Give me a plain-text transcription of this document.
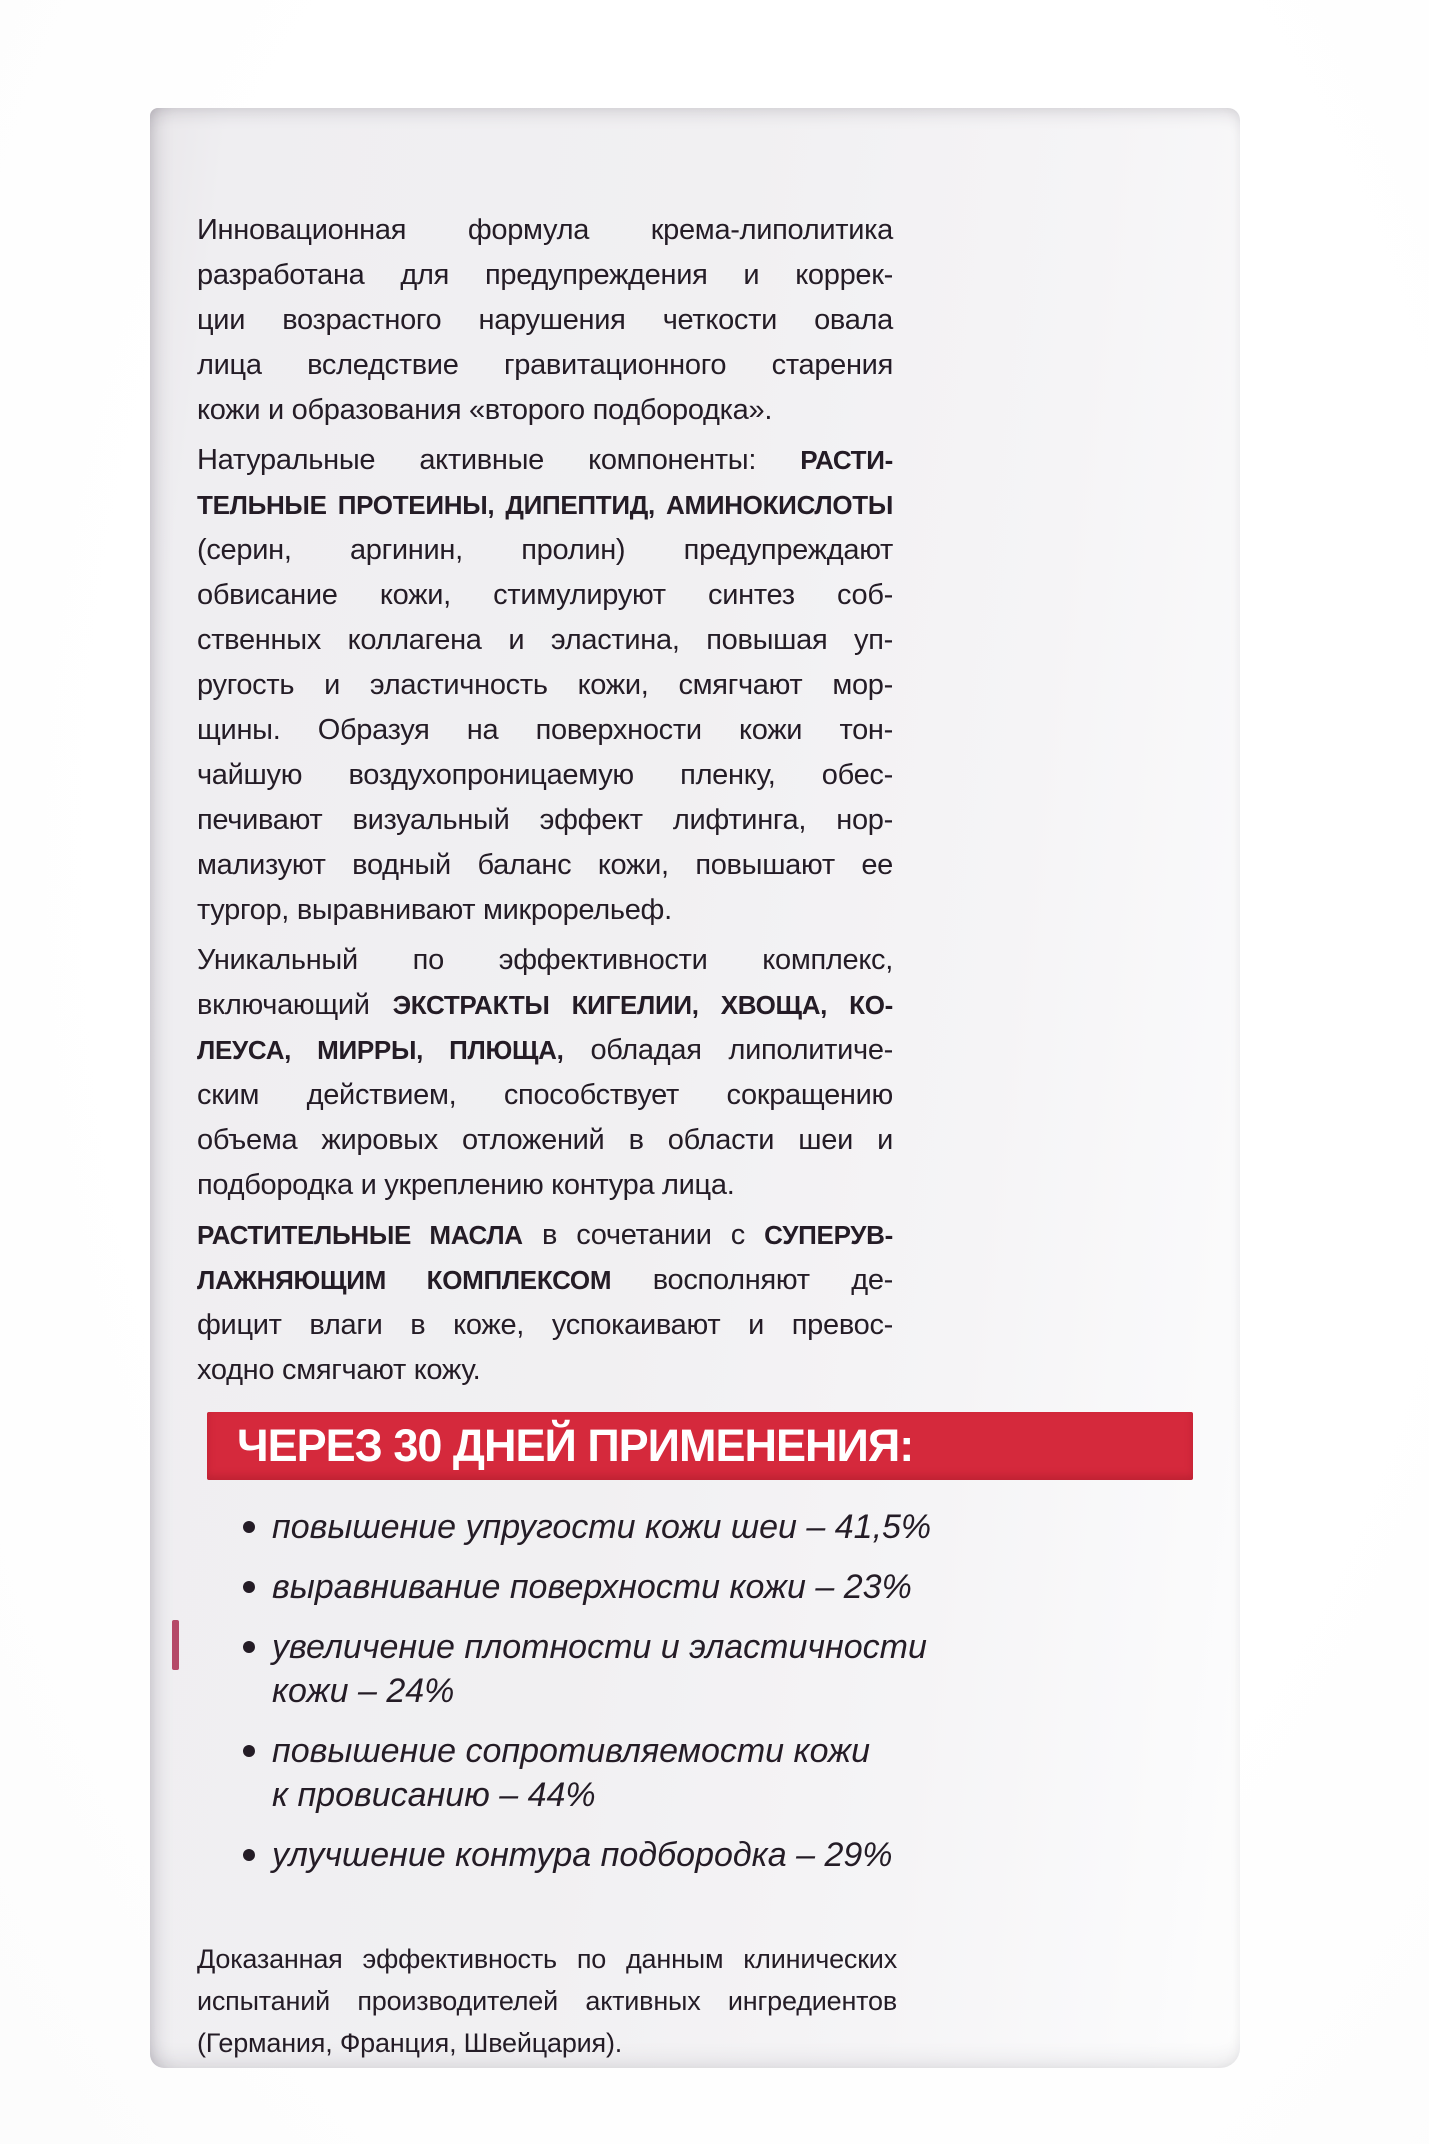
Инновационная формула крема-липолитика
разработана для предупреждения и коррек-
ции возрастного нарушения четкости овала
лица вследствие гравитационного старения
кожи и образования «второго подбородка».
Натуральные активные компоненты: РАСТИ-
ТЕЛЬНЫЕ ПРОТЕИНЫ, ДИПЕПТИД, АМИНОКИСЛОТЫ
(серин, аргинин, пролин) предупреждают
обвисание кожи, стимулируют синтез соб-
ственных коллагена и эластина, повышая уп-
ругость и эластичность кожи, смягчают мор-
щины. Образуя на поверхности кожи тон-
чайшую воздухопроницаемую пленку, обес-
печивают визуальный эффект лифтинга, нор-
мализуют водный баланс кожи, повышают ее
тургор, выравнивают микрорельеф.
Уникальный по эффективности комплекс,
включающий ЭКСТРАКТЫ КИГЕЛИИ, ХВОЩА, КО-
ЛЕУСА, МИРРЫ, ПЛЮЩА, обладая липолитиче-
ским действием, способствует сокращению
объема жировых отложений в области шеи и
подбородка и укреплению контура лица.
РАСТИТЕЛЬНЫЕ МАСЛА в сочетании с СУПЕРУВ-
ЛАЖНЯЮЩИМ КОМПЛЕКСОМ восполняют де-
фицит влаги в коже, успокаивают и превос-
ходно смягчают кожу.
ЧЕРЕЗ 30 ДНЕЙ ПРИМЕНЕНИЯ:
повышение упругости кожи шеи – 41,5%
выравнивание поверхности кожи – 23%
увеличение плотности и эластичности
кожи – 24%
повышение сопротивляемости кожи
к провисанию – 44%
улучшение контура подбородка – 29%
Доказанная эффективность по данным клинических
испытаний производителей активных ингредиентов
(Германия, Франция, Швейцария).
